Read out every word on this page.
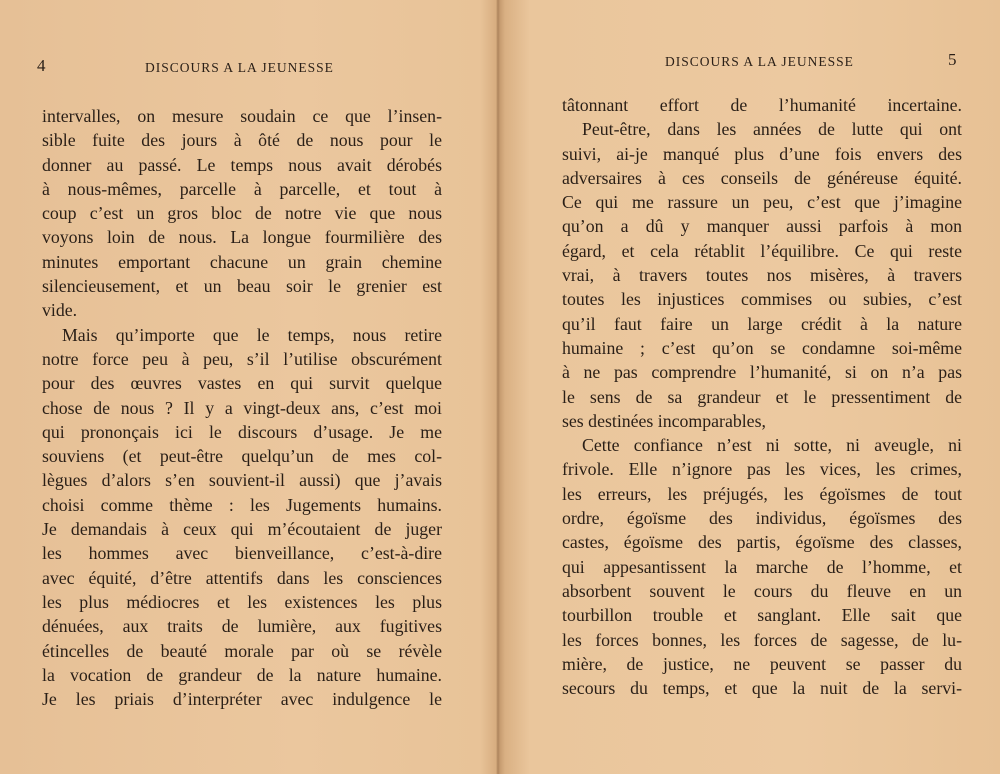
4	DISCOURS A LA JEUNESSE
intervalles, on mesure soudain ce que l’insen-
sible fuite des jours à ôté de nous pour le
donner au passé. Le temps nous avait dérobés
à nous-mêmes, parcelle à parcelle, et tout à
coup c’est un gros bloc de notre vie que nous
voyons loin de nous. La longue fourmilière des
minutes emportant chacune un grain chemine
silencieusement, et un beau soir le grenier est
vide.
Mais qu’importe que le temps, nous retire
notre force peu à peu, s’il l’utilise obscurément
pour des œuvres vastes en qui survit quelque
chose de nous ? Il y a vingt-deux ans, c’est moi
qui prononçais ici le discours d’usage. Je me
souviens (et peut-être quelqu’un de mes col-
lègues d’alors s’en souvient-il aussi) que j’avais
choisi comme thème : les Jugements humains.
Je demandais à ceux qui m’écoutaient de juger
les hommes avec bienveillance, c’est-à-dire
avec équité, d’être attentifs dans les consciences
les plus médiocres et les existences les plus
dénuées, aux traits de lumière, aux fugitives
étincelles de beauté morale par où se révèle
la vocation de grandeur de la nature humaine.
Je les priais d’interpréter avec indulgence le
DISCOURS A LA JEUNESSE	5
tâtonnant effort de l’humanité incertaine.
Peut-être, dans les années de lutte qui ont
suivi, ai-je manqué plus d’une fois envers des
adversaires à ces conseils de généreuse équité.
Ce qui me rassure un peu, c’est que j’imagine
qu’on a dû y manquer aussi parfois à mon
égard, et cela rétablit l’équilibre. Ce qui reste
vrai, à travers toutes nos misères, à travers
toutes les injustices commises ou subies, c’est
qu’il faut faire un large crédit à la nature
humaine ; c’est qu’on se condamne soi-même
à ne pas comprendre l’humanité, si on n’a pas
le sens de sa grandeur et le pressentiment de
ses destinées incomparables,
Cette confiance n’est ni sotte, ni aveugle, ni
frivole. Elle n’ignore pas les vices, les crimes,
les erreurs, les préjugés, les égoïsmes de tout
ordre, égoïsme des individus, égoïsmes des
castes, égoïsme des partis, égoïsme des classes,
qui appesantissent la marche de l’homme, et
absorbent souvent le cours du fleuve en un
tourbillon trouble et sanglant. Elle sait que
les forces bonnes, les forces de sagesse, de lu-
mière, de justice, ne peuvent se passer du
secours du temps, et que la nuit de la servi-
